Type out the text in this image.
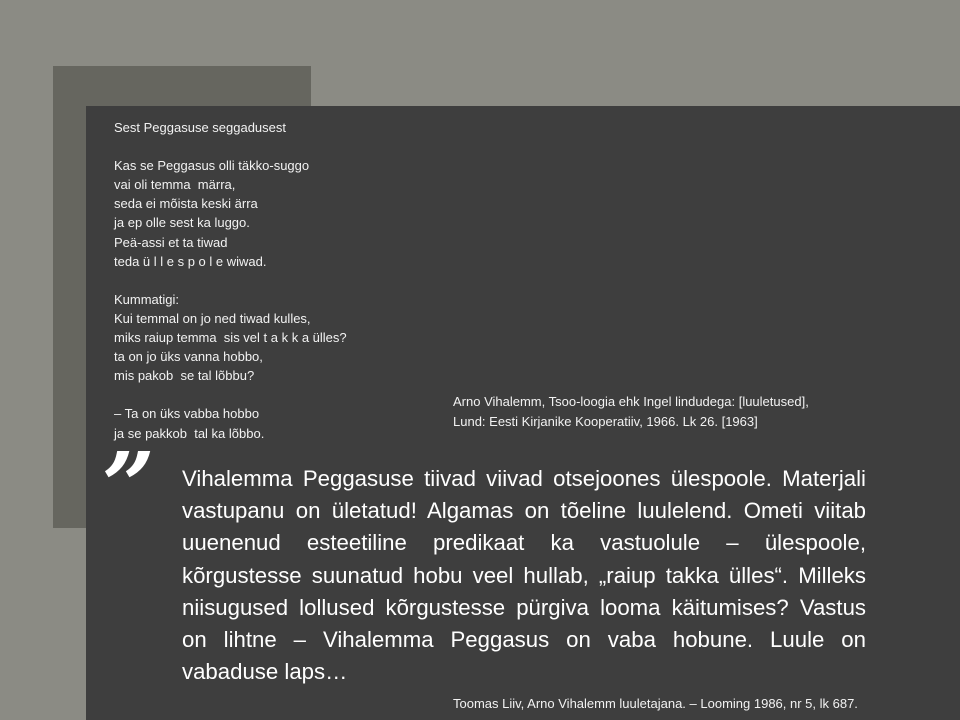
Sest Peggasuse seggadusest
Kas se Peggasus olli täkko-suggo
vai oli temma  märra,
seda ei mõista keski ärra
ja ep olle sest ka luggo.
Peä-assi et ta tiwad
teda ü l l e s p o l e wiwad.
Kummatigi:
Kui temmal on jo ned tiwad kulles,
miks raiup temma  sis vel t a k k a ülles?
ta on jo üks vanna hobbo,
mis pakob  se tal lõbbu?
– Ta on üks vabba hobbo
ja se pakkob  tal ka lõbbo.
Arno Vihalemm, Tsoo-loogia ehk Ingel lindudega: [luuletused],
Lund: Eesti Kirjanike Kooperatiiv, 1966. Lk 26. [1963]
” Vihalemma Peggasuse tiivad viivad otsejoones ülespoole. Materjali vastupanu on ületatud! Algamas on tõeline luulelend. Ometi viitab uuenenud esteetiline predikaat ka vastuolule – ülespoole, kõrgustesse suunatud hobu veel hullab, „raiup takka ülles“. Milleks niisugused lollused kõrgustesse pürgiva looma käitumises? Vastus on lihtne – Vihalemma Peggasus on vaba hobune. Luule on vabaduse laps…
Toomas Liiv, Arno Vihalemm luuletajana. – Looming 1986, nr 5, lk 687.
